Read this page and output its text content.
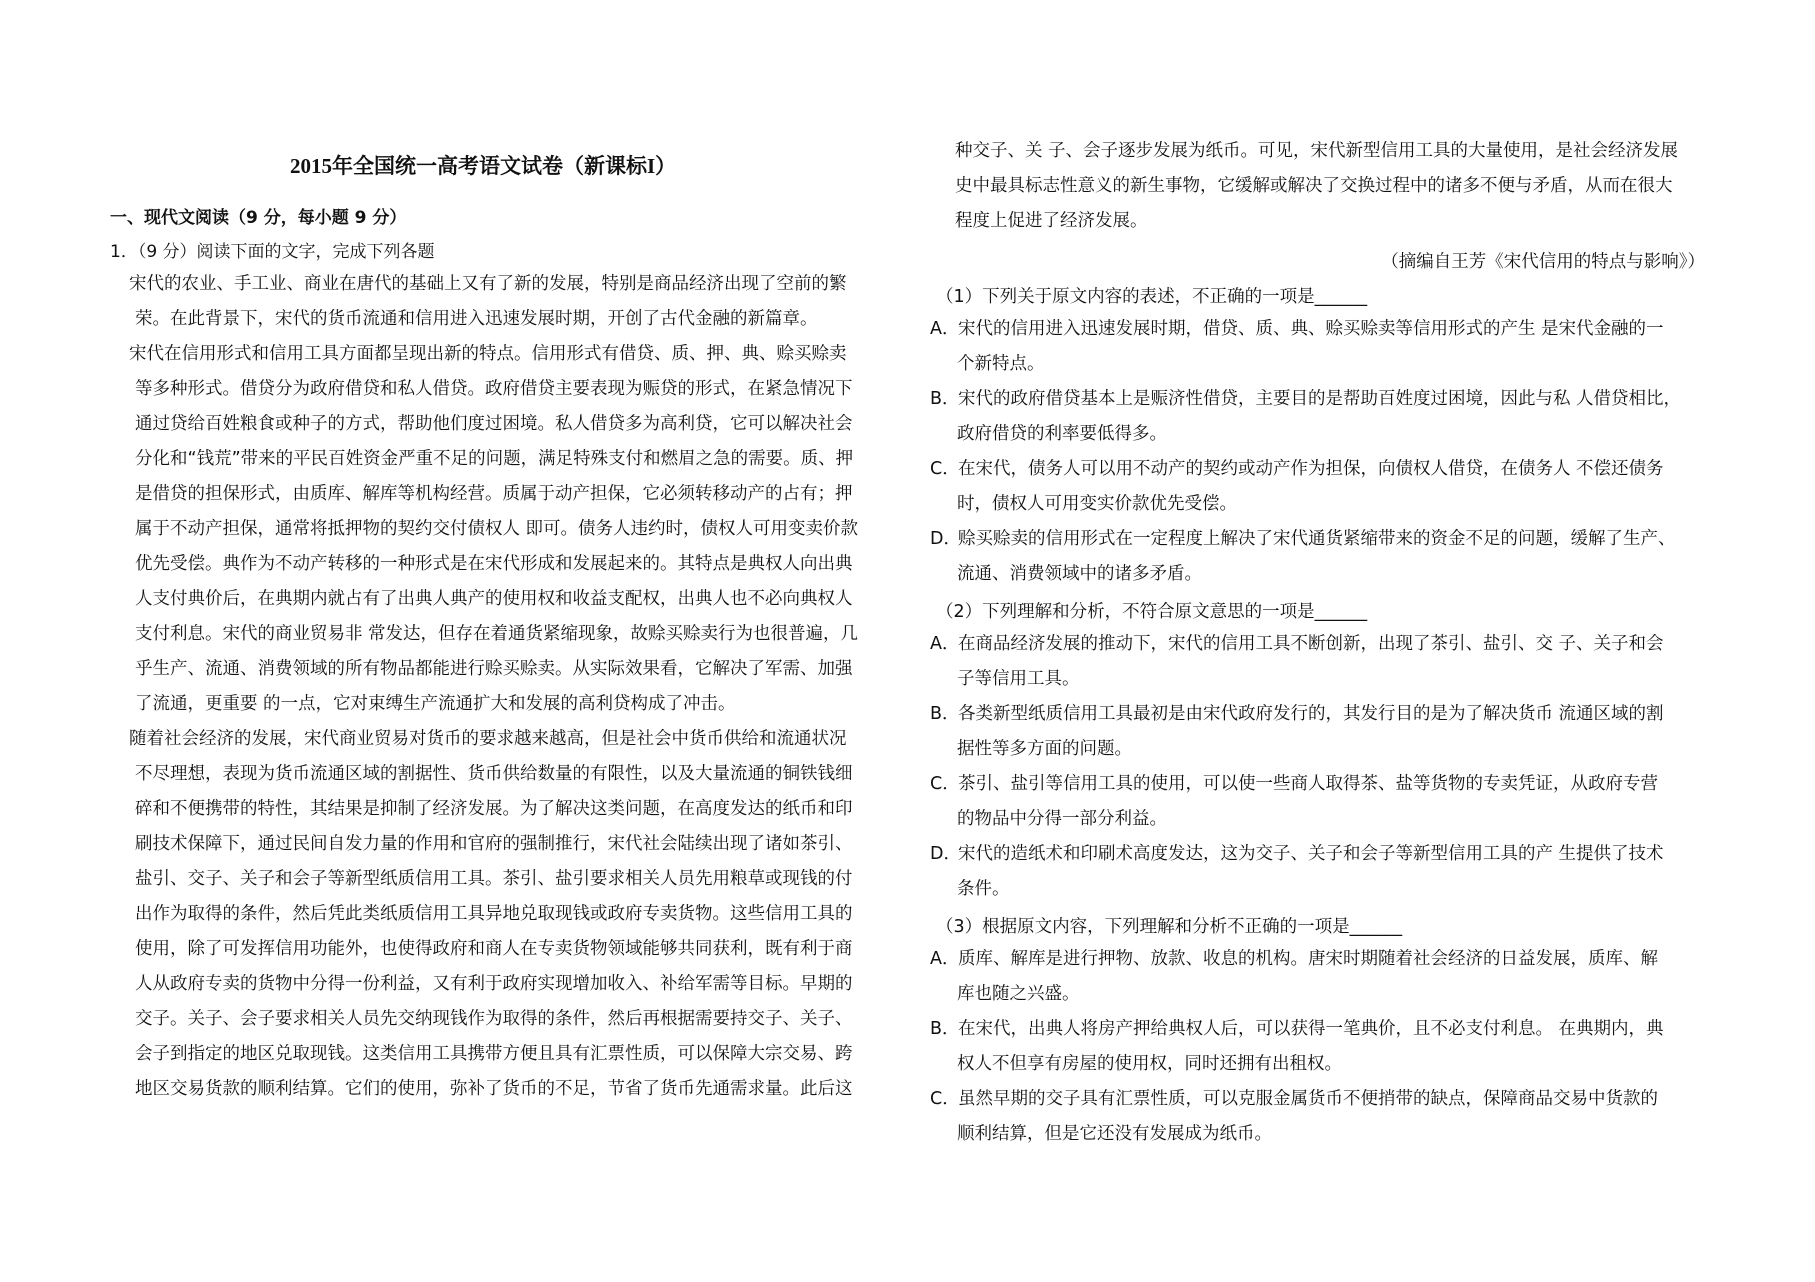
2015年全国统一高考语文试卷（新课标I）
一、现代文阅读（9 分，每小题 9 分）
1．（9 分）阅读下面的文字，完成下列各题
宋代的农业、手工业、商业在唐代的基础上又有了新的发展，特别是商品经济出现了空前的繁
荣。在此背景下，宋代的货币流通和信用进入迅速发展时期，开创了古代金融的新篇章。
宋代在信用形式和信用工具方面都呈现出新的特点。信用形式有借贷、质、押、典、赊买赊卖
等多种形式。借贷分为政府借贷和私人借贷。政府借贷主要表现为赈贷的形式，在紧急情况下
通过贷给百姓粮食或种子的方式，帮助他们度过困境。私人借贷多为高利贷，它可以解决社会
分化和“钱荒”带来的平民百姓资金严重不足的问题，满足特殊支付和燃眉之急的需要。质、押
是借贷的担保形式，由质库、解库等机构经营。质属于动产担保，它必须转移动产的占有；押
属于不动产担保，通常将抵押物的契约交付债权人 即可。债务人违约时，债权人可用变卖价款
优先受偿。典作为不动产转移的一种形式是在宋代形成和发展起来的。其特点是典权人向出典
人支付典价后，在典期内就占有了出典人典产的使用权和收益支配权，出典人也不必向典权人
支付利息。宋代的商业贸易非 常发达，但存在着通货紧缩现象，故赊买赊卖行为也很普遍，几
乎生产、流通、消费领域的所有物品都能进行赊买赊卖。从实际效果看，它解决了军需、加强
了流通，更重要 的一点，它对束缚生产流通扩大和发展的高利贷构成了冲击。
随着社会经济的发展，宋代商业贸易对货币的要求越来越高，但是社会中货币供给和流通状况
不尽理想，表现为货币流通区域的割据性、货币供给数量的有限性，以及大量流通的铜铁钱细
碎和不便携带的特性，其结果是抑制了经济发展。为了解决这类问题，在高度发达的纸币和印
刷技术保障下，通过民间自发力量的作用和官府的强制推行，宋代社会陆续出现了诸如茶引、
盐引、交子、关子和会子等新型纸质信用工具。茶引、盐引要求相关人员先用粮草或现钱的付
出作为取得的条件，然后凭此类纸质信用工具异地兑取现钱或政府专卖货物。这些信用工具的
使用，除了可发挥信用功能外，也使得政府和商人在专卖货物领域能够共同获利，既有利于商
人从政府专卖的货物中分得一份利益，又有利于政府实现增加收入、补给军需等目标。早期的
交子。关子、会子要求相关人员先交纳现钱作为取得的条件，然后再根据需要持交子、关子、
会子到指定的地区兑取现钱。这类信用工具携带方便且具有汇票性质，可以保障大宗交易、跨
地区交易货款的顺利结算。它们的使用，弥补了货币的不足，节省了货币先通需求量。此后这
种交子、关 子、会子逐步发展为纸币。可见，宋代新型信用工具的大量使用，是社会经济发展
史中最具标志性意义的新生事物，它缓解或解决了交换过程中的诸多不便与矛盾，从而在很大
程度上促进了经济发展。
（摘编自王芳《宋代信用的特点与影响》）
（1）下列关于原文内容的表述，不正确的一项是______
A．宋代的信用进入迅速发展时期，借贷、质、典、赊买赊卖等信用形式的产生 是宋代金融的一
个新特点。
B．宋代的政府借贷基本上是赈济性借贷，主要目的是帮助百姓度过困境，因此与私 人借贷相比，
政府借贷的利率要低得多。
C．在宋代，债务人可以用不动产的契约或动产作为担保，向债权人借贷，在债务人 不偿还债务
时，债权人可用变实价款优先受偿。
D．赊买赊卖的信用形式在一定程度上解决了宋代通货紧缩带来的资金不足的问题，缓解了生产、
流通、消费领域中的诸多矛盾。
（2）下列理解和分析，不符合原文意思的一项是______
A．在商品经济发展的推动下，宋代的信用工具不断创新，出现了茶引、盐引、交 子、关子和会
子等信用工具。
B．各类新型纸质信用工具最初是由宋代政府发行的，其发行目的是为了解决货币 流通区域的割
据性等多方面的问题。
C．茶引、盐引等信用工具的使用，可以使一些商人取得茶、盐等货物的专卖凭证，从政府专营
的物品中分得一部分利益。
D．宋代的造纸术和印刷术高度发达，这为交子、关子和会子等新型信用工具的产 生提供了技术
条件。
（3）根据原文内容，下列理解和分析不正确的一项是______
A．质库、解库是进行押物、放款、收息的机构。唐宋时期随着社会经济的日益发展，质库、解
库也随之兴盛。
B．在宋代，出典人将房产押给典权人后，可以获得一笔典价，且不必支付利息。 在典期内，典
权人不但享有房屋的使用权，同时还拥有出租权。
C．虽然早期的交子具有汇票性质，可以克服金属货币不便捎带的缺点，保障商品交易中货款的
顺利结算，但是它还没有发展成为纸币。
